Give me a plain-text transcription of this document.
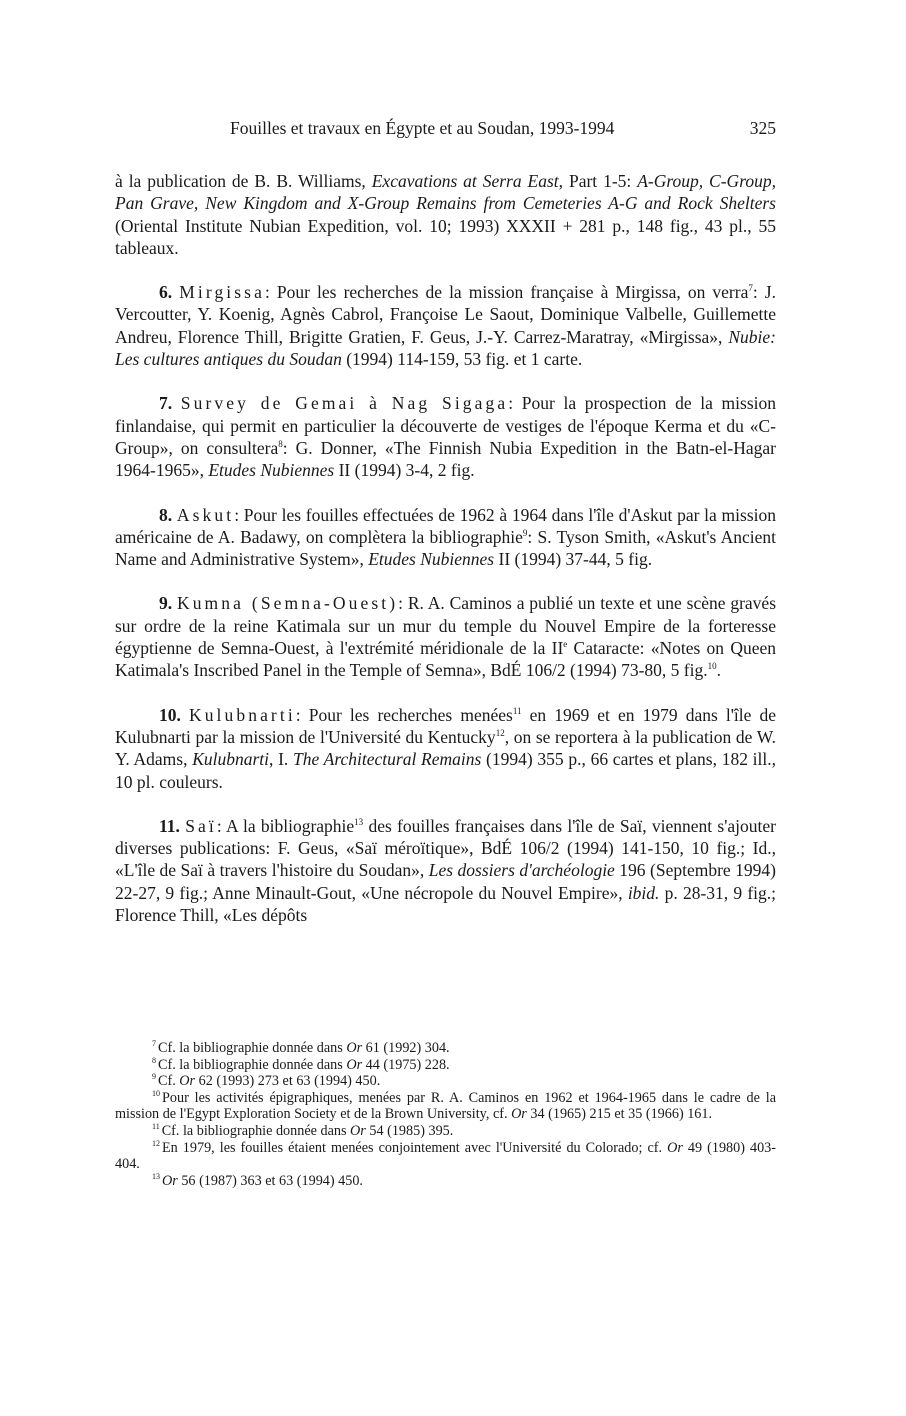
Fouilles et travaux en Égypte et au Soudan, 1993-1994	325

à la publication de B. B. Williams, Excavations at Serra East, Part 1-5: A-Group, C-Group, Pan Grave, New Kingdom and X-Group Remains from Cemeteries A-G and Rock Shelters (Oriental Institute Nubian Expedition, vol. 10; 1993) XXXII + 281 p., 148 fig., 43 pl., 55 tableaux.

6. Mirgissa: Pour les recherches de la mission française à Mirgissa, on verra$^7$: J. Vercoutter, Y. Koenig, Agnès Cabrol, Françoise Le Saout, Dominique Valbelle, Guillemette Andreu, Florence Thill, Brigitte Gratien, F. Geus, J.-Y. Carrez-Maratray, «Mirgissa», Nubie: Les cultures antiques du Soudan (1994) 114-159, 53 fig. et 1 carte.

7. Survey de Gemai à Nag Sigaga: Pour la prospection de la mission finlandaise, qui permit en particulier la découverte de vestiges de l'époque Kerma et du «C-Group», on consultera$^8$: G. Donner, «The Finnish Nubia Expedition in the Batn-el-Hagar 1964-1965», Etudes Nubiennes II (1994) 3-4, 2 fig.

8. Askut: Pour les fouilles effectuées de 1962 à 1964 dans l'île d'Askut par la mission américaine de A. Badawy, on complètera la bibliographie$^9$: S. Tyson Smith, «Askut's Ancient Name and Administrative System», Etudes Nubiennes II (1994) 37-44, 5 fig.

9. Kumna (Semna-Ouest): R. A. Caminos a publié un texte et une scène gravés sur ordre de la reine Katimala sur un mur du temple du Nouvel Empire de la forteresse égyptienne de Semna-Ouest, à l'extrémité méridionale de la IIe Cataracte: «Notes on Queen Katimala's Inscribed Panel in the Temple of Semna», BdÉ 106/2 (1994) 73-80, 5 fig.$^{10}$.

10. Kulubnarti: Pour les recherches menées$^{11}$ en 1969 et en 1979 dans l'île de Kulubnarti par la mission de l'Université du Kentucky$^{12}$, on se reportera à la publication de W. Y. Adams, Kulubnarti, I. The Architectural Remains (1994) 355 p., 66 cartes et plans, 182 ill., 10 pl. couleurs.

11. Saï: A la bibliographie$^{13}$ des fouilles françaises dans l'île de Saï, viennent s'ajouter diverses publications: F. Geus, «Saï méroïtique», BdÉ 106/2 (1994) 141-150, 10 fig.; Id., «L'île de Saï à travers l'histoire du Soudan», Les dossiers d'archéologie 196 (Septembre 1994) 22-27, 9 fig.; Anne Minault-Gout, «Une nécropole du Nouvel Empire», ibid. p. 28-31, 9 fig.; Florence Thill, «Les dépôts

$^7$ Cf. la bibliographie donnée dans Or 61 (1992) 304.

$^8$ Cf. la bibliographie donnée dans Or 44 (1975) 228.

$^9$ Cf. Or 62 (1993) 273 et 63 (1994) 450.

$^{10}$ Pour les activités épigraphiques, menées par R. A. Caminos en 1962 et 1964-1965 dans le cadre de la mission de l'Egypt Exploration Society et de la Brown University, cf. Or 34 (1965) 215 et 35 (1966) 161.

$^{11}$ Cf. la bibliographie donnée dans Or 54 (1985) 395.

$^{12}$ En 1979, les fouilles étaient menées conjointement avec l'Université du Colorado; cf. Or 49 (1980) 403-404.

$^{13}$ Or 56 (1987) 363 et 63 (1994) 450.
